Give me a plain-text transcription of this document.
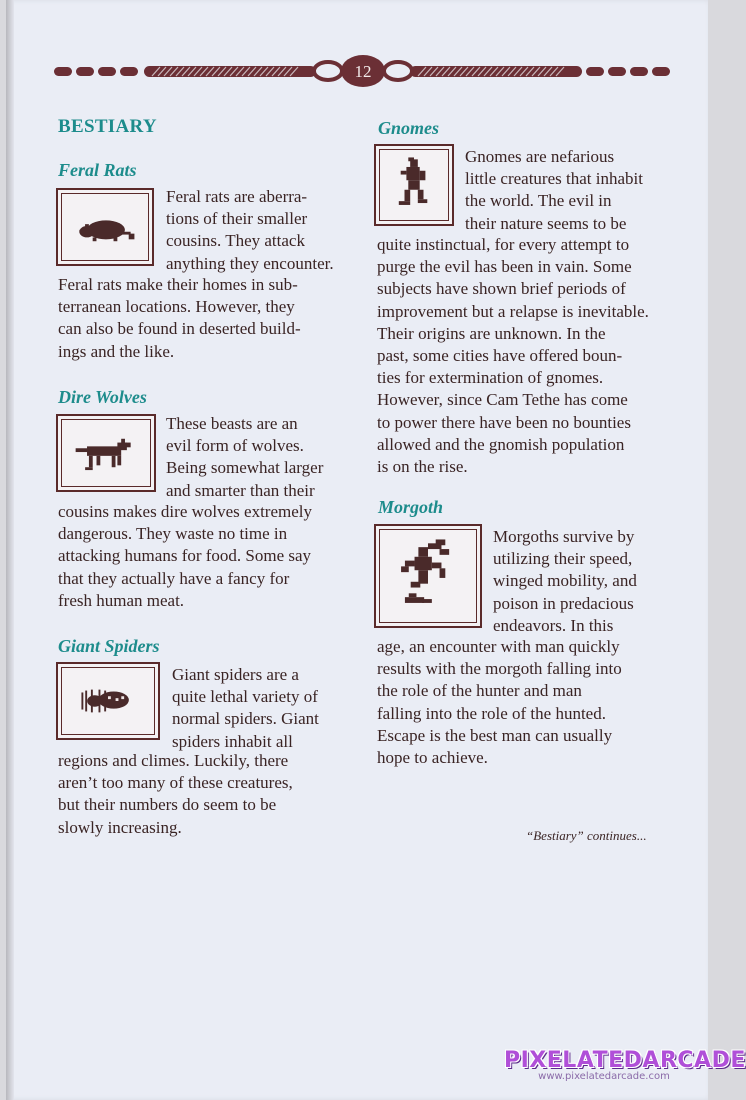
12
BESTIARY
Feral Rats

Feral rats are aberra-
tions of their smaller
cousins. They attack
anything they encounter.

Feral rats make their homes in sub-
terranean locations. However, they
can also be found in deserted build-
ings and the like.

Dire Wolves

These beasts are an
evil form of wolves.
Being somewhat larger
and smarter than their

cousins makes dire wolves extremely
dangerous. They waste no time in
attacking humans for food. Some say
that they actually have a fancy for
fresh human meat.

Giant Spiders

Giant spiders are a
quite lethal variety of
normal spiders. Giant
spiders inhabit all

regions and climes. Luckily, there
aren’t too many of these creatures,
but their numbers do seem to be
slowly increasing.

Gnomes

Gnomes are nefarious
little creatures that inhabit
the world. The evil in
their nature seems to be

quite instinctual, for every attempt to
purge the evil has been in vain. Some
subjects have shown brief periods of
improvement but a relapse is inevitable.
Their origins are unknown. In the
past, some cities have offered boun-
ties for extermination of gnomes.
However, since Cam Tethe has come
to power there have been no bounties
allowed and the gnomish population
is on the rise.

Morgoth

Morgoths survive by
utilizing their speed,
winged mobility, and
poison in predacious
endeavors. In this

age, an encounter with man quickly
results with the morgoth falling into
the role of the hunter and man
falling into the role of the hunted.
Escape is the best man can usually
hope to achieve.

“Bestiary” continues...

PIXELATEDARCADE
www.pixelatedarcade.com
